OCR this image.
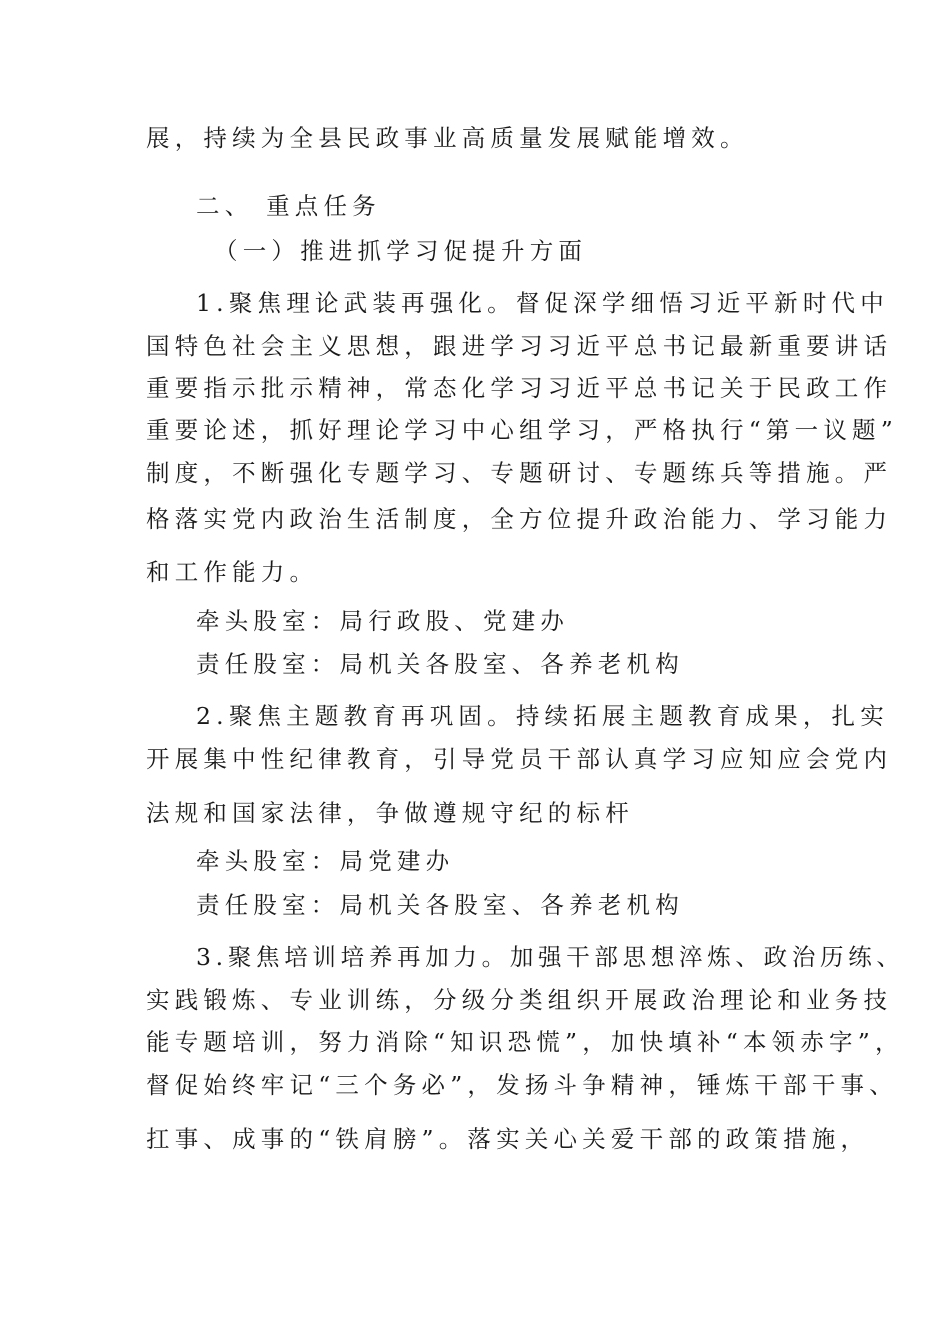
展，持续为全县民政事业高质量发展赋能增效。
二、 重点任务
（一）推进抓学习促提升方面
1.聚焦理论武装再强化。督促深学细悟习近平新时代中
国特色社会主义思想，跟进学习习近平总书记最新重要讲话
重要指示批示精神，常态化学习习近平总书记关于民政工作
重要论述，抓好理论学习中心组学习，严格执行“第一议题”
制度，不断强化专题学习、专题研讨、专题练兵等措施。严
格落实党内政治生活制度，全方位提升政治能力、学习能力
和工作能力。
牵头股室：局行政股、党建办
责任股室：局机关各股室、各养老机构
2.聚焦主题教育再巩固。持续拓展主题教育成果，扎实
开展集中性纪律教育，引导党员干部认真学习应知应会党内
法规和国家法律，争做遵规守纪的标杆
牵头股室：局党建办
责任股室：局机关各股室、各养老机构
3.聚焦培训培养再加力。加强干部思想淬炼、政治历练、
实践锻炼、专业训练，分级分类组织开展政治理论和业务技
能专题培训，努力消除“知识恐慌”，加快填补“本领赤字”，
督促始终牢记“三个务必”，发扬斗争精神，锤炼干部干事、
扛事、成事的“铁肩膀”。落实关心关爱干部的政策措施，
